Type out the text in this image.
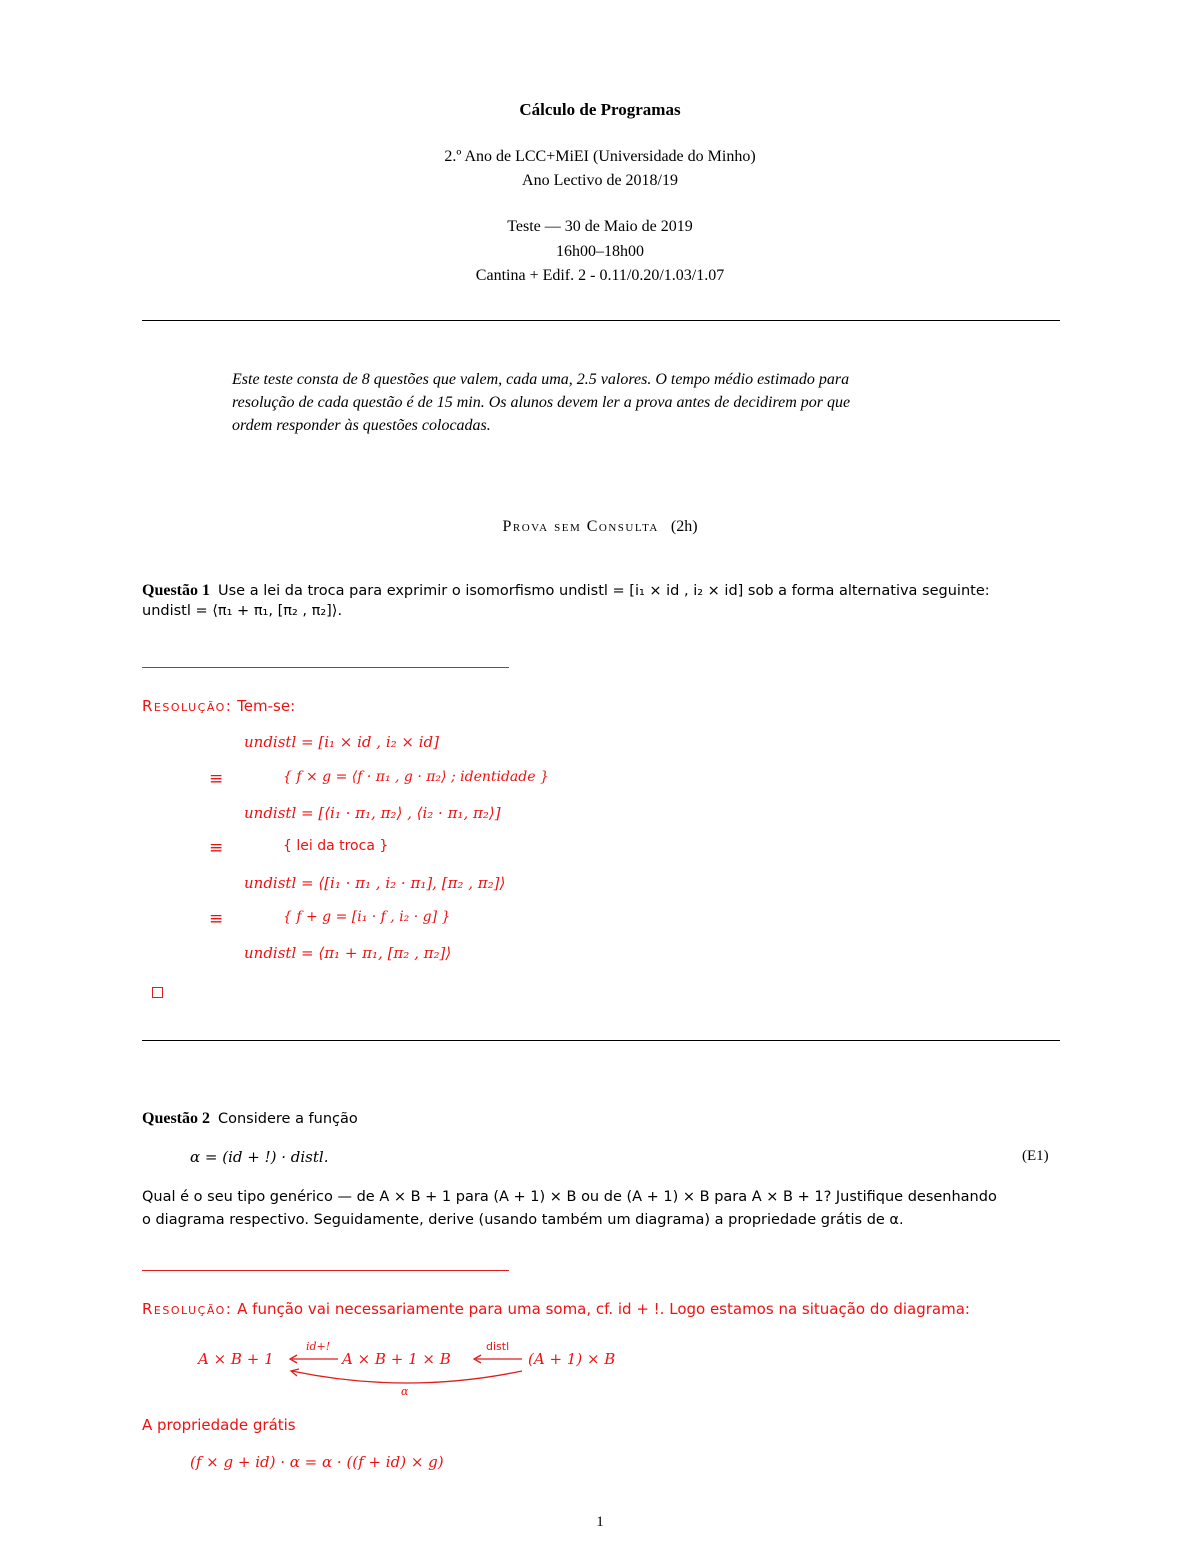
Cálculo de Programas
2.º Ano de LCC+MiEI (Universidade do Minho)
Ano Lectivo de 2018/19
Teste — 30 de Maio de 2019
16h00–18h00
Cantina + Edif. 2 - 0.11/0.20/1.03/1.07
Este teste consta de 8 questões que valem, cada uma, 2.5 valores. O tempo médio estimado para
resolução de cada questão é de 15 min. Os alunos devem ler a prova antes de decidirem por que
ordem responder às questões colocadas.
Prova sem Consulta (2h)
Questão 1 Use a lei da troca para exprimir o isomorfismo undistl = [i₁ × id , i₂ × id] sob a forma alternativa seguinte:
undistl = ⟨π₁ + π₁, [π₂ , π₂]⟩.
Resolução: Tem-se:
undistl = [i₁ × id , i₂ × id]
≡	{ f × g = ⟨f · π₁ , g · π₂⟩ ; identidade }
undistl = [⟨i₁ · π₁, π₂⟩ , ⟨i₂ · π₁, π₂⟩]
≡	{ lei da troca }
undistl = ⟨[i₁ · π₁ , i₂ · π₁], [π₂ , π₂]⟩
≡	{ f + g = [i₁ · f , i₂ · g] }
undistl = ⟨π₁ + π₁, [π₂ , π₂]⟩
Questão 2 Considere a função
α = (id + !) · distl.	(E1)
Qual é o seu tipo genérico — de A × B + 1 para (A + 1) × B ou de (A + 1) × B para A × B + 1? Justifique desenhando
o diagrama respectivo. Seguidamente, derive (usando também um diagrama) a propriedade grátis de α.
Resolução: A função vai necessariamente para uma soma, cf. id + !. Logo estamos na situação do diagrama:
A × B + 1	A × B + 1 × B	(A + 1) × B
id+!	distl
α
A propriedade grátis
(f × g + id) · α = α · ((f + id) × g)
1
